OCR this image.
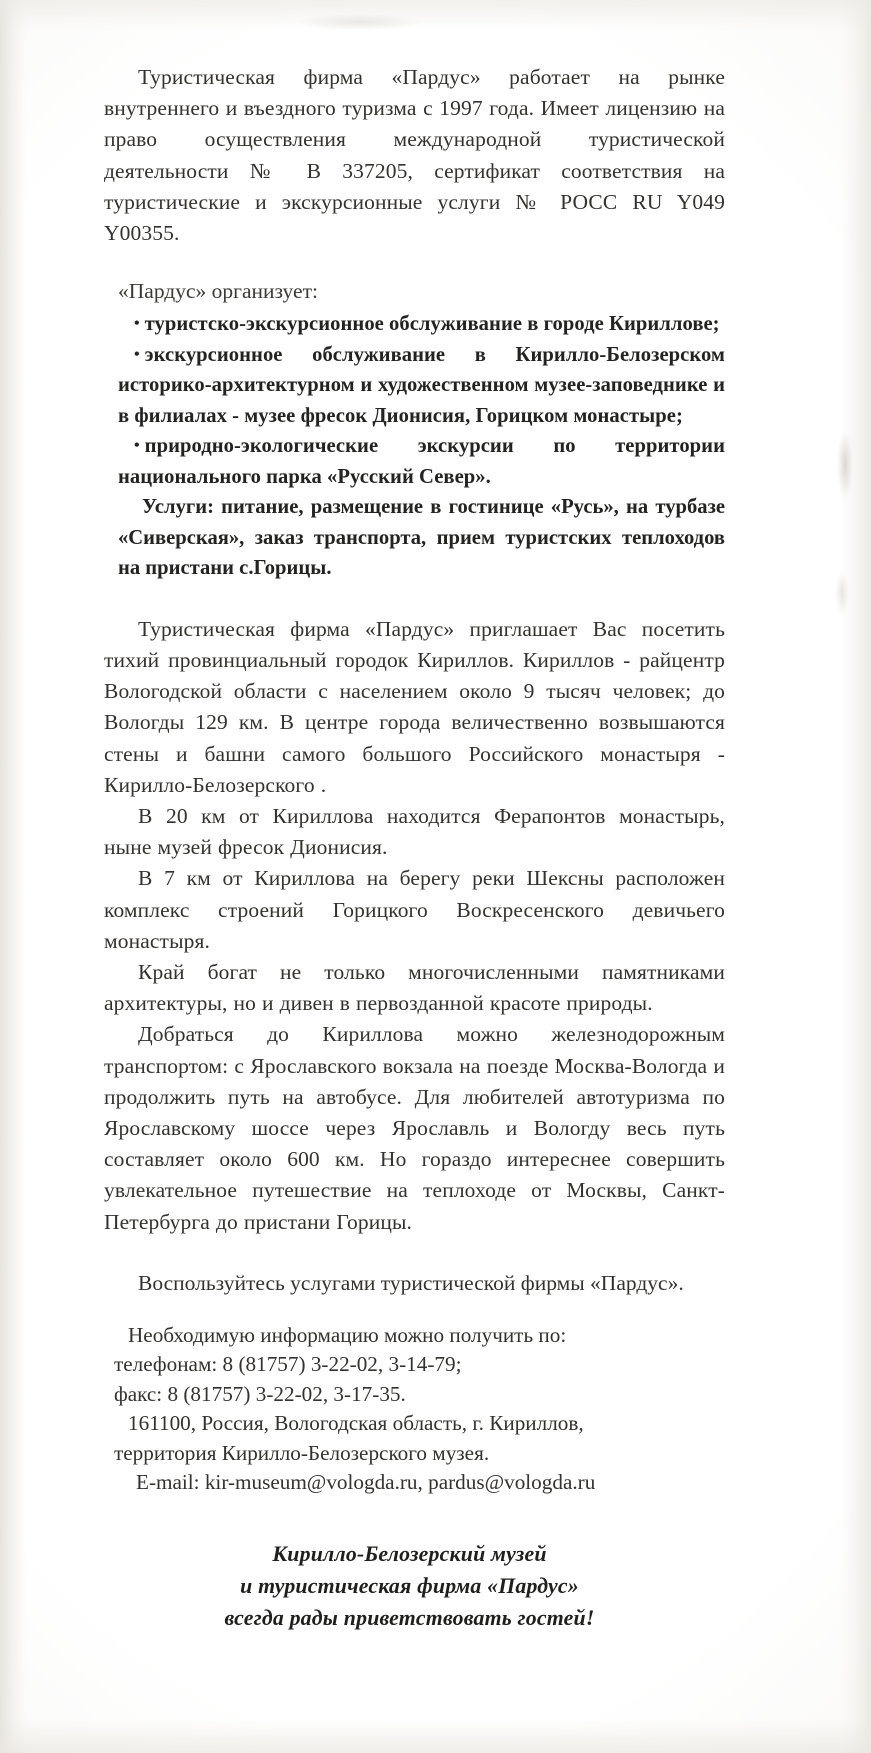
Туристическая фирма «Пардус» работает на рынке внутреннего и въездного туризма с 1997 года. Имеет лицензию на право осуществления международной туристической деятельности № В 337205, сертификат соответствия на туристические и экскурсионные услуги № РОСС RU Y049 Y00355.

«Пардус» организует:

• туристско-экскурсионное обслуживание в городе Кириллове;

• экскурсионное обслуживание в Кирилло-Белозерском историко-архитектурном и художественном музее-заповеднике и в филиалах - музее фресок Дионисия, Горицком монастыре;

• природно-экологические экскурсии по территории национального парка «Русский Север».

Услуги: питание, размещение в гостинице «Русь», на турбазе «Сиверская», заказ транспорта, прием туристских теплоходов на пристани с.Горицы.

Туристическая фирма «Пардус» приглашает Вас посетить тихий провинциальный городок Кириллов. Кириллов - райцентр Вологодской области с населением около 9 тысяч человек; до Вологды 129 км. В центре города величественно возвышаются стены и башни самого большого Российского монастыря - Кирилло-Белозерского .

В 20 км от Кириллова находится Ферапонтов монастырь, ныне музей фресок Дионисия.

В 7 км от Кириллова на берегу реки Шексны расположен комплекс строений Горицкого Воскресенского девичьего монастыря.

Край богат не только многочисленными памятниками архитектуры, но и дивен в первозданной красоте природы.

Добраться до Кириллова можно железнодорожным транспортом: с Ярославского вокзала на поезде Москва-Вологда и продолжить путь на автобусе. Для любителей автотуризма по Ярославскому шоссе через Ярославль и Вологду весь путь составляет около 600 км. Но гораздо интереснее совершить увлекательное путешествие на теплоходе от Москвы, Санкт-Петербурга до пристани Горицы.

Воспользуйтесь услугами туристической фирмы «Пардус».

Необходимую информацию можно получить по:

телефонам: 8 (81757) 3-22-02, 3-14-79;

факс: 8 (81757) 3-22-02, 3-17-35.

161100, Россия, Вологодская область, г. Кириллов,

территория Кирилло-Белозерского музея.

E-mail: kir-museum@vologda.ru, pardus@vologda.ru

Кирилло-Белозерский музей

и туристическая фирма «Пардус»

всегда рады приветствовать гостей!
